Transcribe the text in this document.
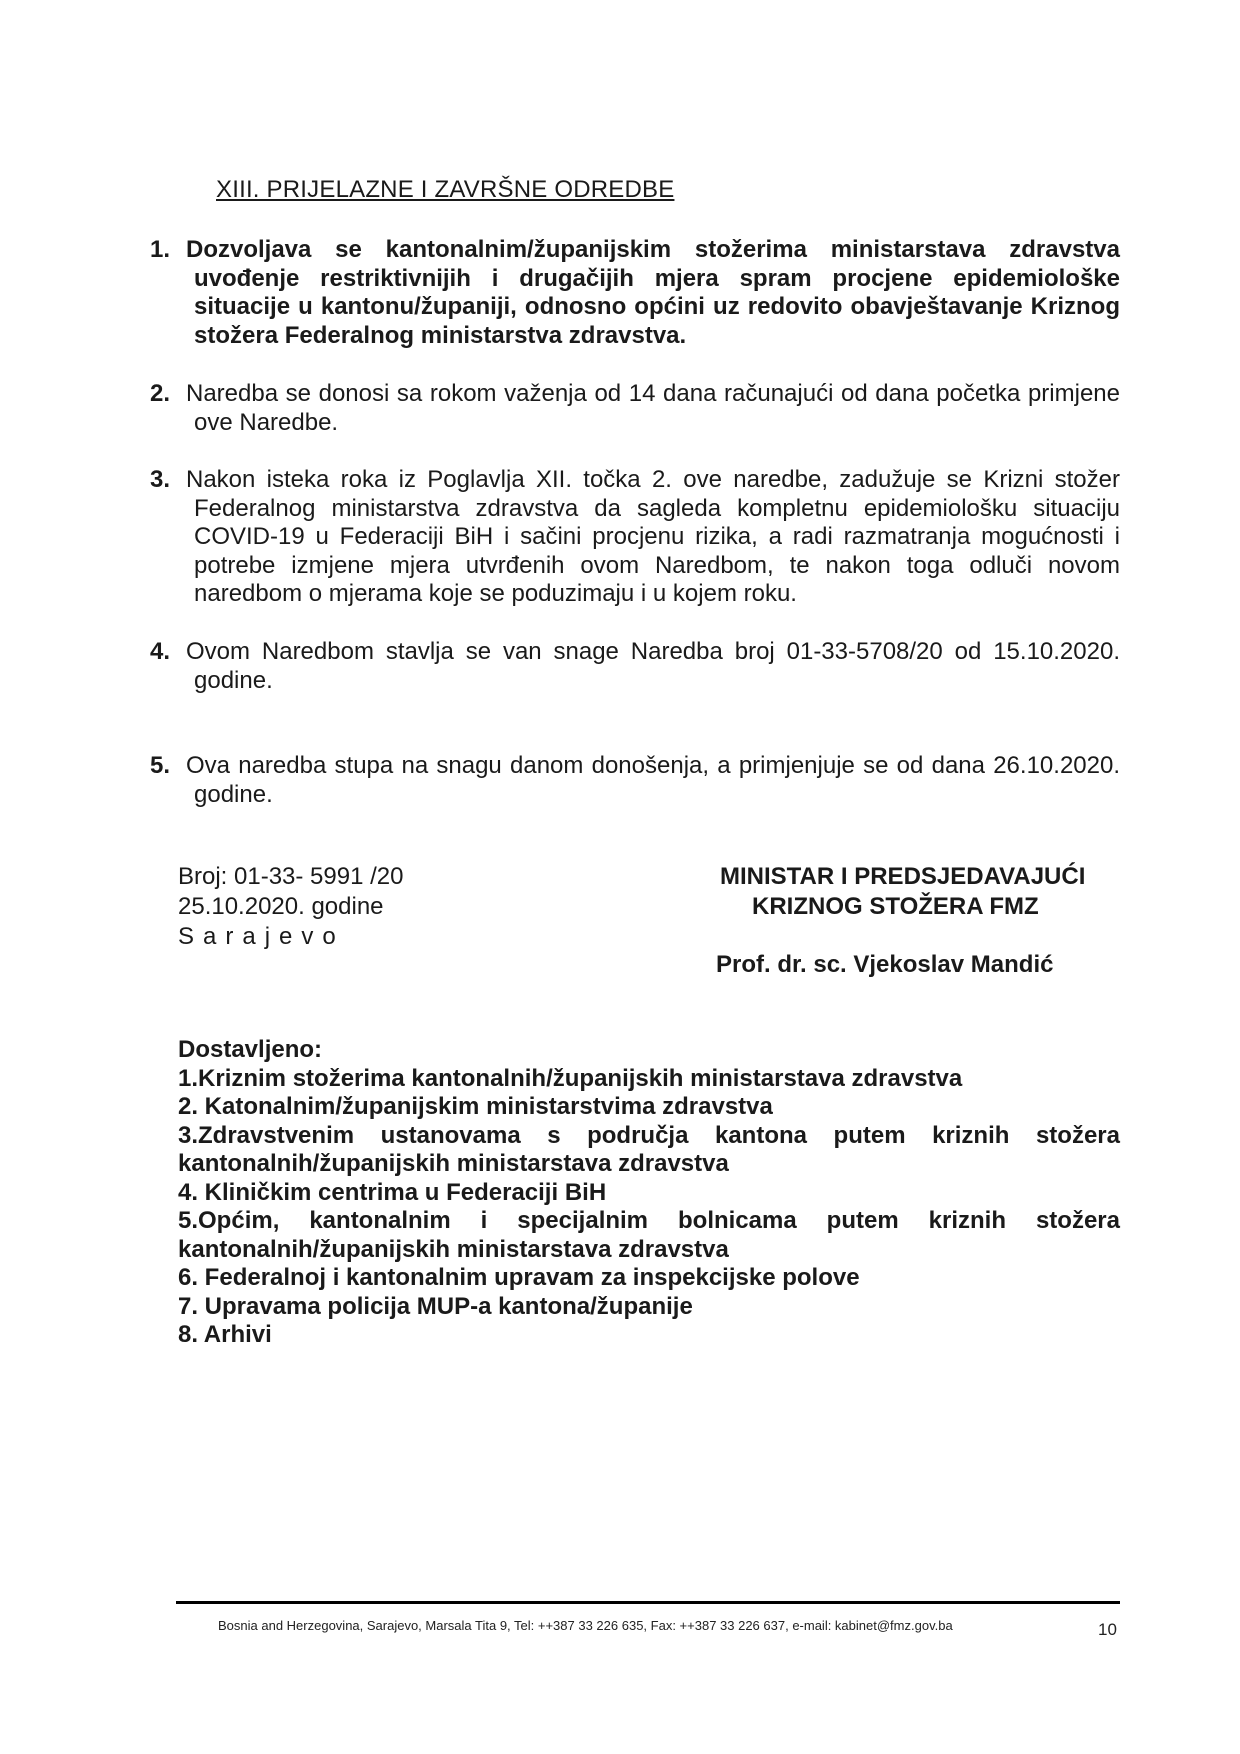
XIII. PRIJELAZNE I ZAVRŠNE ODREDBE
1. Dozvoljava se kantonalnim/županijskim stožerima ministarstava zdravstva uvođenje restriktivnijih i drugačijih mjera spram procjene epidemiološke situacije u kantonu/županiji, odnosno općini uz redovito obavještavanje Kriznog stožera Federalnog ministarstva zdravstva.
2. Naredba se donosi sa rokom važenja od 14 dana računajući od dana početka primjene ove Naredbe.
3. Nakon isteka roka iz Poglavlja XII. točka 2. ove naredbe, zadužuje se Krizni stožer Federalnog ministarstva zdravstva da sagleda kompletnu epidemiološku situaciju COVID-19 u Federaciji BiH i sačini procjenu rizika, a radi razmatranja mogućnosti i potrebe izmjene mjera utvrđenih ovom Naredbom, te nakon toga odluči novom naredbom o mjerama koje se poduzimaju i u kojem roku.
4. Ovom Naredbom stavlja se van snage Naredba broj 01-33-5708/20 od 15.10.2020. godine.
5. Ova naredba stupa na snagu danom donošenja, a primjenjuje se od dana 26.10.2020. godine.
Broj: 01-33- 5991 /20
25.10.2020. godine
Sarajevo
MINISTAR I PREDSJEDAVAJUĆI
KRIZNOG STOŽERA FMZ
Prof. dr. sc. Vjekoslav Mandić
Dostavljeno:
1.Kriznim stožerima kantonalnih/županijskih ministarstava zdravstva
2. Katonalnim/županijskim ministarstvima zdravstva
3.Zdravstvenim ustanovama s područja kantona putem kriznih stožera
kantonalnih/županijskih ministarstava zdravstva
4. Kliničkim centrima u Federaciji BiH
5.Općim, kantonalnim i specijalnim bolnicama putem kriznih stožera
kantonalnih/županijskih ministarstava zdravstva
6. Federalnoj i kantonalnim upravam za inspekcijske polove
7. Upravama policija MUP-a kantona/županije
8. Arhivi
Bosnia and Herzegovina, Sarajevo, Marsala Tita 9, Tel: ++387 33 226 635, Fax: ++387 33 226 637, e-mail: kabinet@fmz.gov.ba	10
